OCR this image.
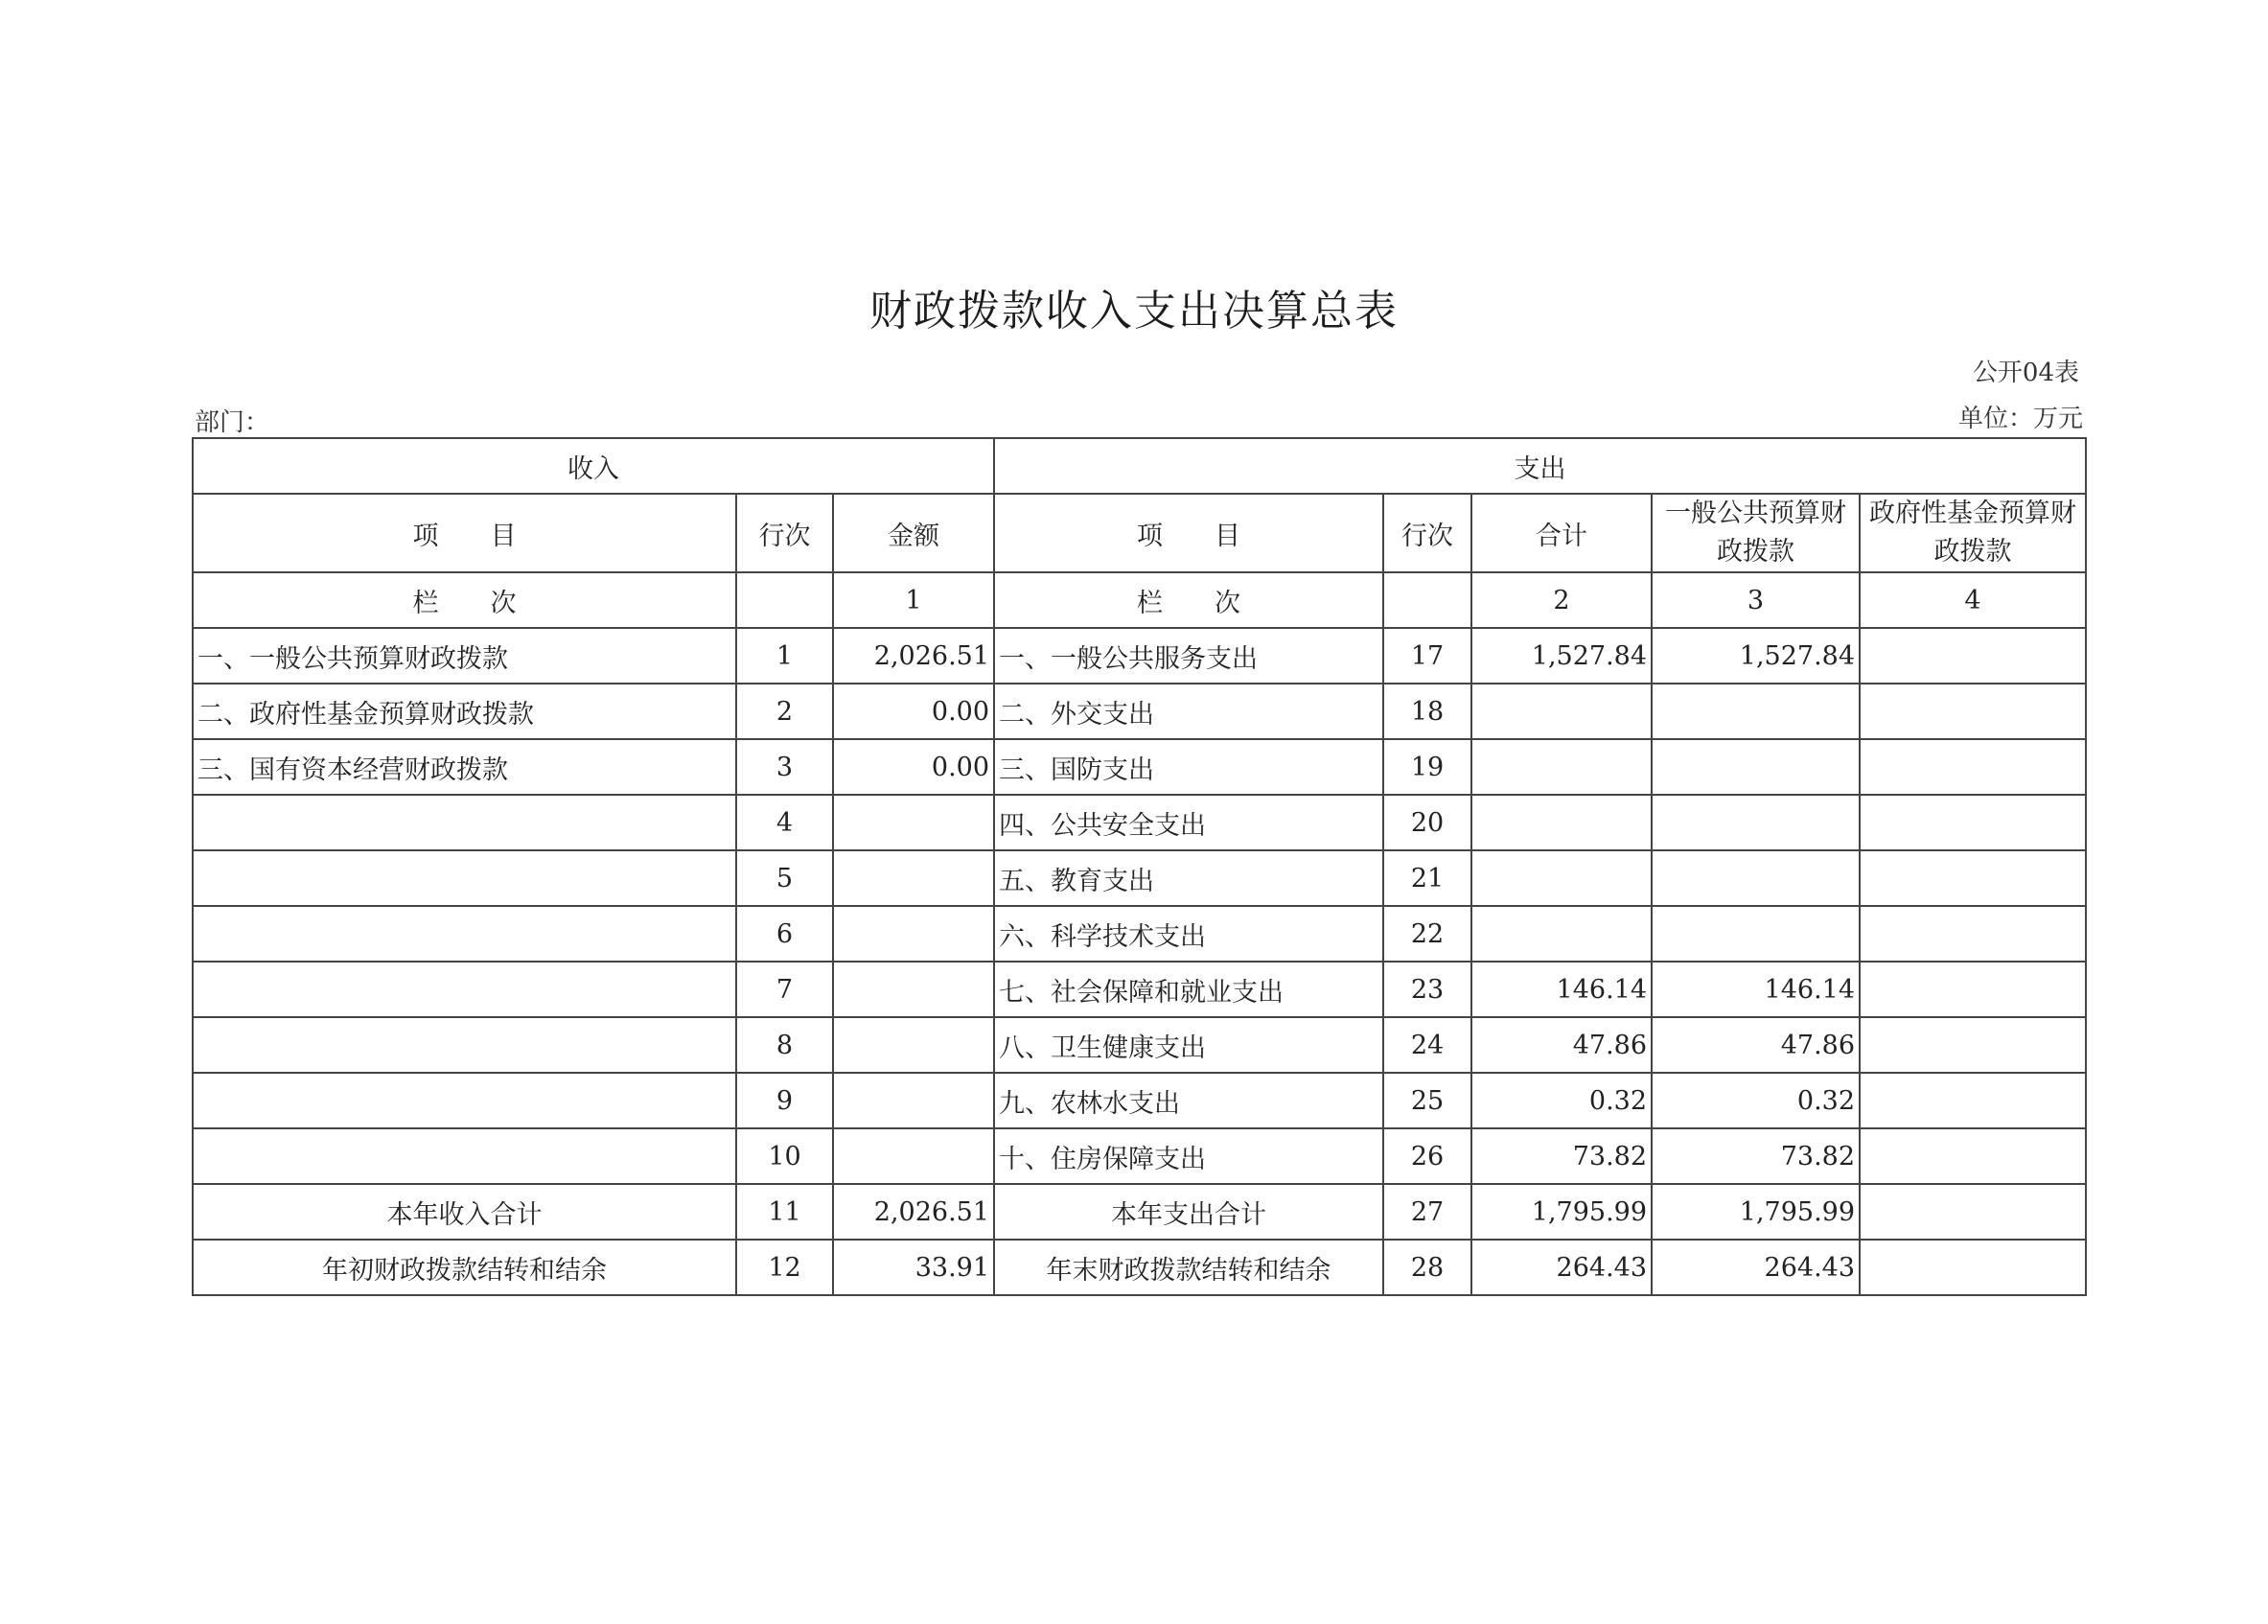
财政拨款收入支出决算总表
公开04表
部门：	单位：万元
收入			支出				
项　　目	行次	金额	项　　目	行次	合计	一般公共预算财政拨款	政府性基金预算财政拨款
栏　　次		1	栏　　次		2	3	4
一、一般公共预算财政拨款	1	2,026.51	一、一般公共服务支出	17	1,527.84	1,527.84	
二、政府性基金预算财政拨款	2	0.00	二、外交支出	18			
三、国有资本经营财政拨款	3	0.00	三、国防支出	19			
	4		四、公共安全支出	20			
	5		五、教育支出	21			
	6		六、科学技术支出	22			
	7		七、社会保障和就业支出	23	146.14	146.14	
	8		八、卫生健康支出	24	47.86	47.86	
	9		九、农林水支出	25	0.32	0.32	
	10		十、住房保障支出	26	73.82	73.82	
本年收入合计	11	2,026.51	本年支出合计	27	1,795.99	1,795.99	
年初财政拨款结转和结余	12	33.91	年末财政拨款结转和结余	28	264.43	264.43	
